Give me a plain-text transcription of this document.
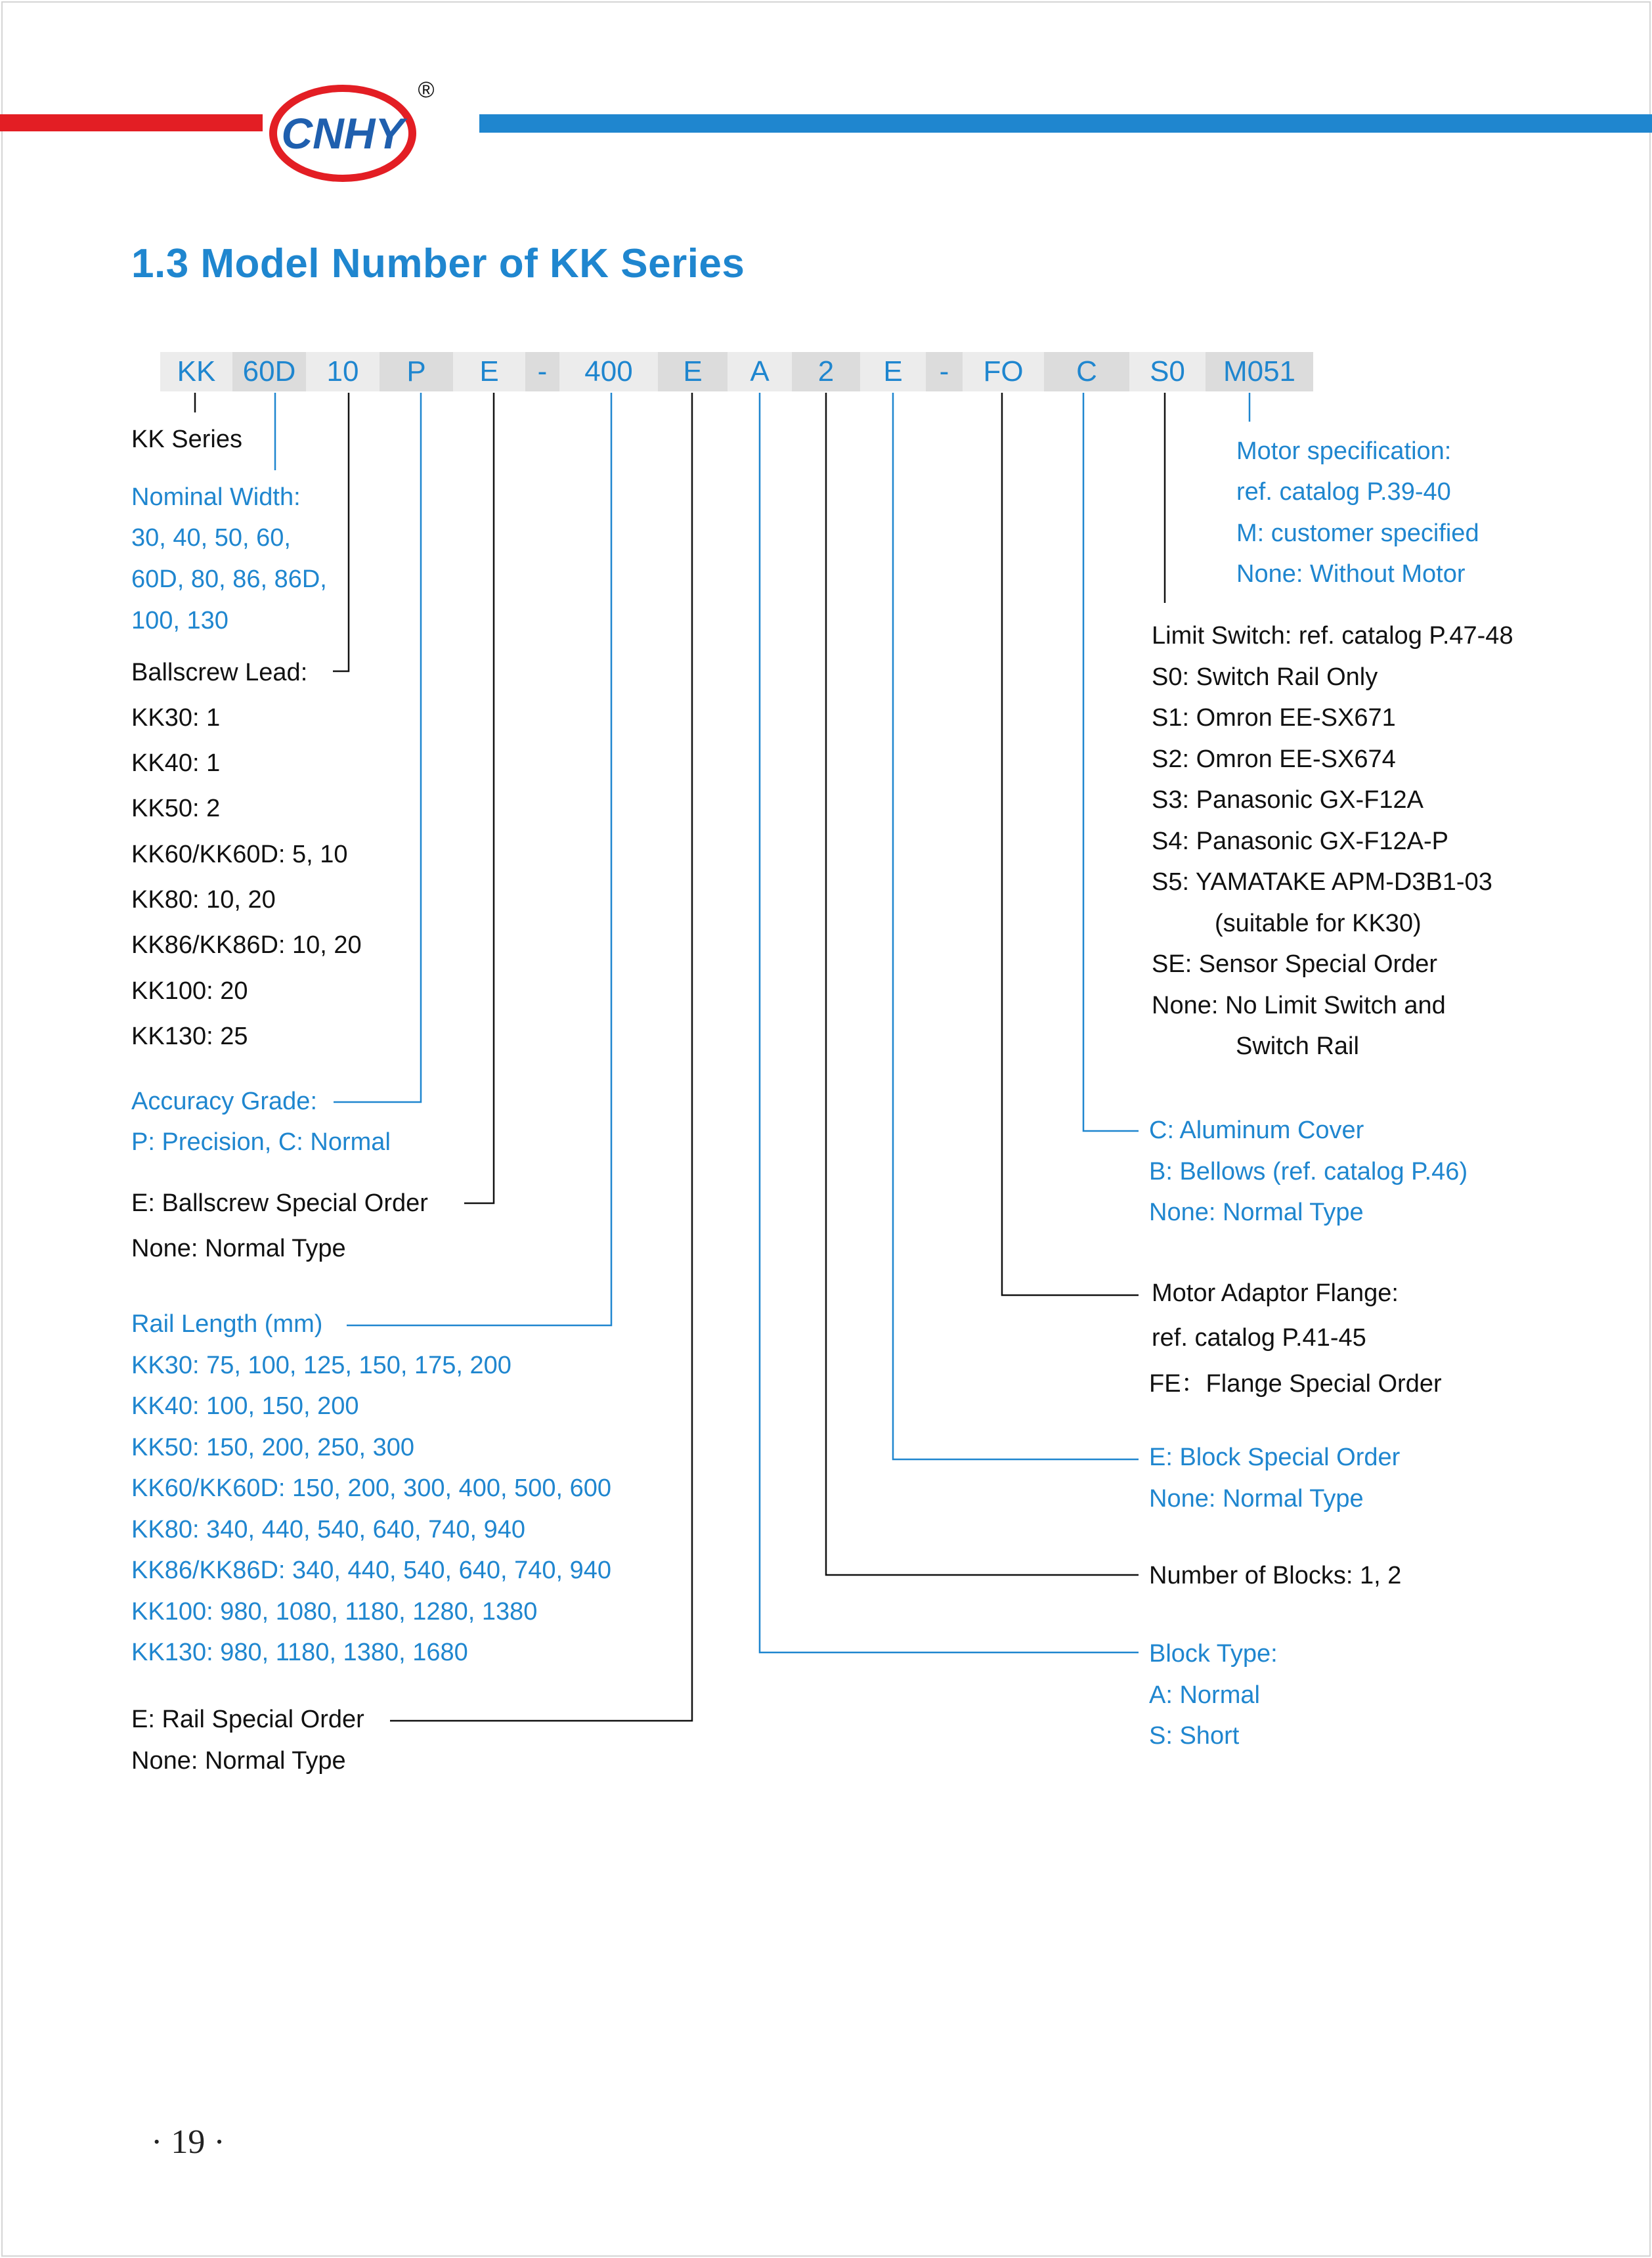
CNHY
®
1.3 Model Number of KK Series
KK 60D	10	P	E	-	400	E	A	2	E	-	FO	C	S0	M051
KK Series
Nominal Width:
30, 40, 50, 60,
60D, 80, 86, 86D,
100, 130
Ballscrew Lead:
KK30: 1
KK40: 1
KK50: 2
KK60/KK60D: 5, 10
KK80: 10, 20
KK86/KK86D: 10, 20
KK100: 20
KK130: 25
Accuracy Grade:
P: Precision, C: Normal
E: Ballscrew Special Order
None: Normal Type
Rail Length (mm)
KK30: 75, 100, 125, 150, 175, 200
KK40: 100, 150, 200
KK50: 150, 200, 250, 300
KK60/KK60D: 150, 200, 300, 400, 500, 600
KK80: 340, 440, 540, 640, 740, 940
KK86/KK86D: 340, 440, 540, 640, 740, 940
KK100: 980, 1080, 1180, 1280, 1380
KK130: 980, 1180, 1380, 1680
E: Rail Special Order
None: Normal Type
Motor specification:
ref. catalog P.39-40
M: customer specified
None: Without Motor
Limit Switch: ref. catalog P.47-48
S0: Switch Rail Only
S1: Omron EE-SX671
S2: Omron EE-SX674
S3: Panasonic GX-F12A
S4: Panasonic GX-F12A-P
S5: YAMATAKE APM-D3B1-03
(suitable for KK30)
SE: Sensor Special Order
None: No Limit Switch and
Switch Rail
C: Aluminum Cover
B: Bellows (ref. catalog P.46)
None: Normal Type
Motor Adaptor Flange:
ref. catalog P.41-45
FE：Flange Special Order
E: Block Special Order
None: Normal Type
Number of Blocks: 1, 2
Block Type:
A: Normal
S: Short
· 19 ·
